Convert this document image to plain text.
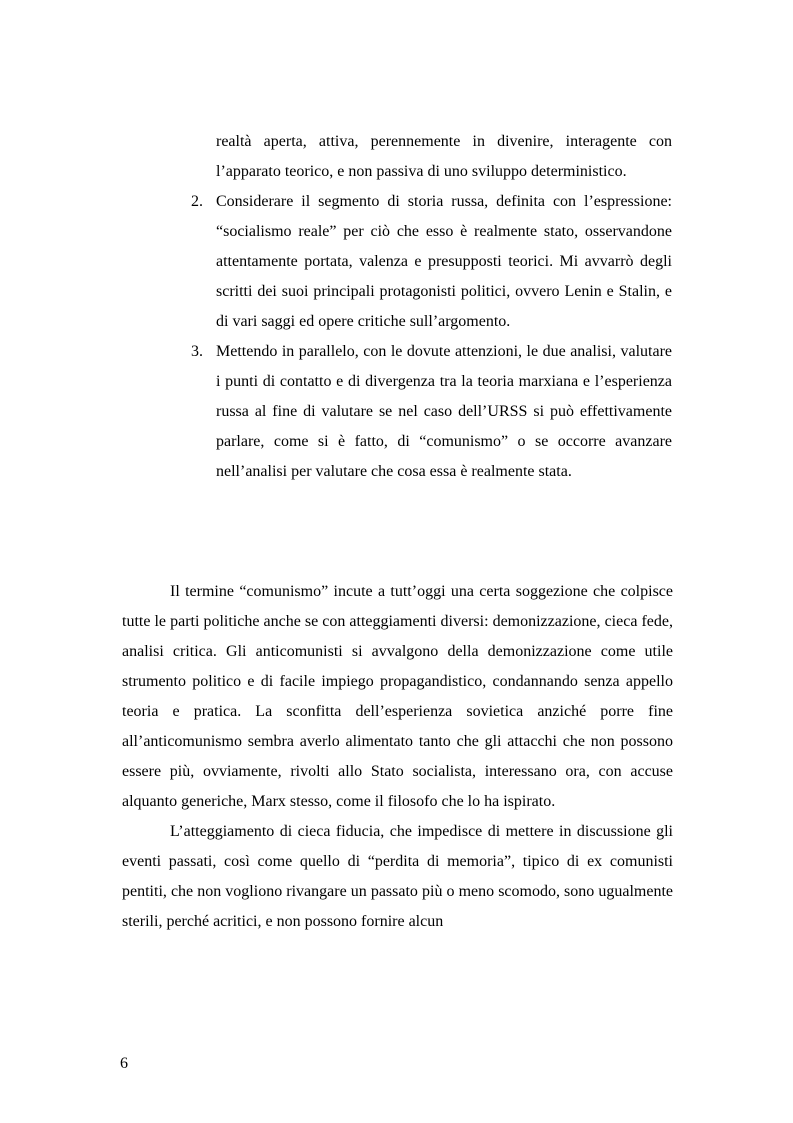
realtà aperta, attiva, perennemente in divenire, interagente con l’apparato teorico, e non passiva di uno sviluppo deterministico.
2. Considerare il segmento di storia russa, definita con l’espressione: “socialismo reale” per ciò che esso è realmente stato, osservandone attentamente portata, valenza e presupposti teorici. Mi avvarrò degli scritti dei suoi principali protagonisti politici, ovvero Lenin e Stalin, e di vari saggi ed opere critiche sull’argomento.
3. Mettendo in parallelo, con le dovute attenzioni, le due analisi, valutare i punti di contatto e di divergenza tra la teoria marxiana e l’esperienza russa al fine di valutare se nel caso dell’URSS si può effettivamente parlare, come si è fatto, di “comunismo” o se occorre avanzare nell’analisi per valutare che cosa essa è realmente stata.

Il termine “comunismo” incute a tutt’oggi una certa soggezione che colpisce tutte le parti politiche anche se con atteggiamenti diversi: demonizzazione, cieca fede, analisi critica. Gli anticomunisti si avvalgono della demonizzazione come utile strumento politico e di facile impiego propagandistico, condannando senza appello teoria e pratica. La sconfitta dell’esperienza sovietica anziché porre fine all’anticomunismo sembra averlo alimentato tanto che gli attacchi che non possono essere più, ovviamente, rivolti allo Stato socialista, interessano ora, con accuse alquanto generiche, Marx stesso, come il filosofo che lo ha ispirato.

L’atteggiamento di cieca fiducia, che impedisce di mettere in discussione gli eventi passati, così come quello di “perdita di memoria”, tipico di ex comunisti pentiti, che non vogliono rivangare un passato più o meno scomodo, sono ugualmente sterili, perché acritici, e non possono fornire alcun

6
